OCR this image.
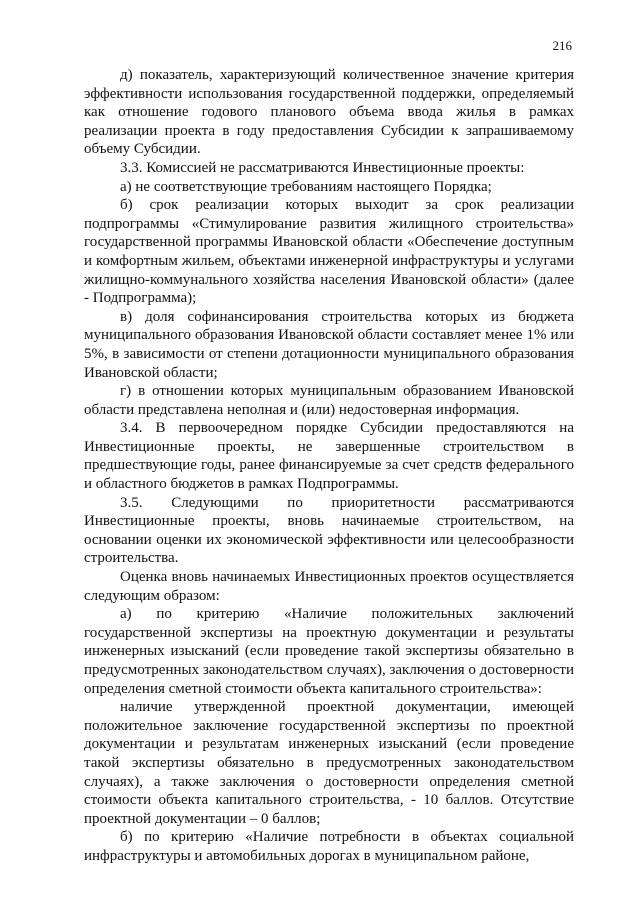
216

д) показатель, характеризующий количественное значение критерия эффективности использования государственной поддержки, определяемый как отношение годового планового объема ввода жилья в рамках реализации проекта в году предоставления Субсидии к запрашиваемому объему Субсидии.

3.3. Комиссией не рассматриваются Инвестиционные проекты:

а) не соответствующие требованиям настоящего Порядка;

б) срок реализации которых выходит за срок реализации подпрограммы «Стимулирование развития жилищного строительства» государственной программы Ивановской области «Обеспечение доступным и комфортным жильем, объектами инженерной инфраструктуры и услугами жилищно-коммунального хозяйства населения Ивановской области» (далее - Подпрограмма);

в) доля софинансирования строительства которых из бюджета муниципального образования Ивановской области составляет менее 1% или 5%, в зависимости от степени дотационности муниципального образования Ивановской области;

г) в отношении которых муниципальным образованием Ивановской области представлена неполная и (или) недостоверная информация.

3.4. В первоочередном порядке Субсидии предоставляются на Инвестиционные проекты, не завершенные строительством в предшествующие годы, ранее финансируемые за счет средств федерального и областного бюджетов в рамках Подпрограммы.

3.5. Следующими по приоритетности рассматриваются Инвестиционные проекты, вновь начинаемые строительством, на основании оценки их экономической эффективности или целесообразности строительства.

Оценка вновь начинаемых Инвестиционных проектов осуществляется следующим образом:

а) по критерию «Наличие положительных заключений государственной экспертизы на проектную документации и результаты инженерных изысканий (если проведение такой экспертизы обязательно в предусмотренных законодательством случаях), заключения о достоверности определения сметной стоимости объекта капитального строительства»:

наличие утвержденной проектной документации, имеющей положительное заключение государственной экспертизы по проектной документации и результатам инженерных изысканий (если проведение такой экспертизы обязательно в предусмотренных законодательством случаях), а также заключения о достоверности определения сметной стоимости объекта капитального строительства, - 10 баллов. Отсутствие проектной документации – 0 баллов;

б) по критерию «Наличие потребности в объектах социальной инфраструктуры и автомобильных дорогах в муниципальном районе,
